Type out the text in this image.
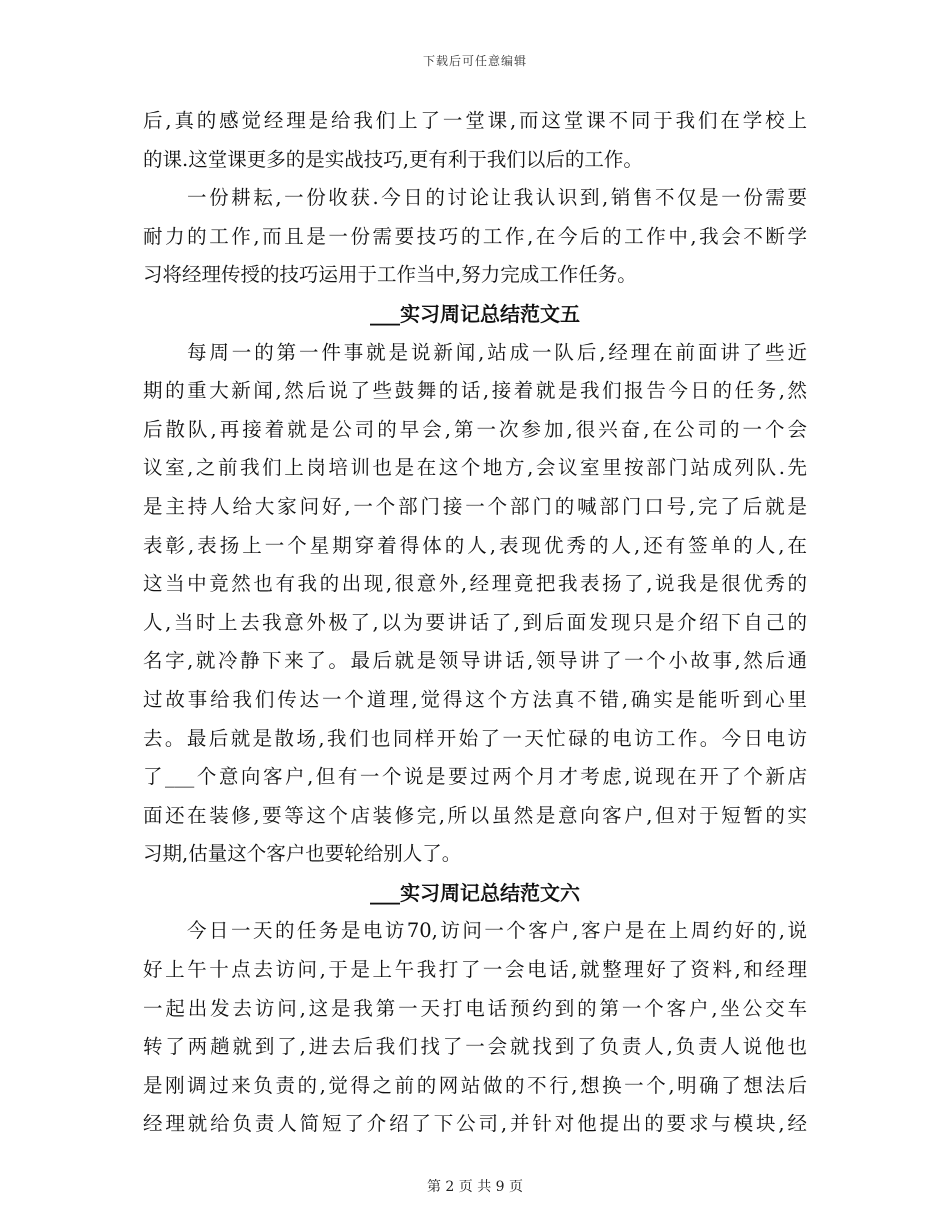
下载后可任意编辑
后,真的感觉经理是给我们上了一堂课,而这堂课不同于我们在学校上
的课.这堂课更多的是实战技巧,更有利于我们以后的工作。
一份耕耘,一份收获.今日的讨论让我认识到,销售不仅是一份需要
耐力的工作,而且是一份需要技巧的工作,在今后的工作中,我会不断学
习将经理传授的技巧运用于工作当中,努力完成工作任务。
___实习周记总结范文五
每周一的第一件事就是说新闻,站成一队后,经理在前面讲了些近
期的重大新闻,然后说了些鼓舞的话,接着就是我们报告今日的任务,然
后散队,再接着就是公司的早会,第一次参加,很兴奋,在公司的一个会
议室,之前我们上岗培训也是在这个地方,会议室里按部门站成列队.先
是主持人给大家问好,一个部门接一个部门的喊部门口号,完了后就是
表彰,表扬上一个星期穿着得体的人,表现优秀的人,还有签单的人,在
这当中竟然也有我的出现,很意外,经理竟把我表扬了,说我是很优秀的
人,当时上去我意外极了,以为要讲话了,到后面发现只是介绍下自己的
名字,就冷静下来了。最后就是领导讲话,领导讲了一个小故事,然后通
过故事给我们传达一个道理,觉得这个方法真不错,确实是能听到心里
去。最后就是散场,我们也同样开始了一天忙碌的电访工作。今日电访
了___个意向客户,但有一个说是要过两个月才考虑,说现在开了个新店
面还在装修,要等这个店装修完,所以虽然是意向客户,但对于短暂的实
习期,估量这个客户也要轮给别人了。
___实习周记总结范文六
今日一天的任务是电访70,访问一个客户,客户是在上周约好的,说
好上午十点去访问,于是上午我打了一会电话,就整理好了资料,和经理
一起出发去访问,这是我第一天打电话预约到的第一个客户,坐公交车
转了两趟就到了,进去后我们找了一会就找到了负责人,负责人说他也
是刚调过来负责的,觉得之前的网站做的不行,想换一个,明确了想法后
经理就给负责人简短了介绍了下公司,并针对他提出的要求与模块,经
第 2 页 共 9 页
